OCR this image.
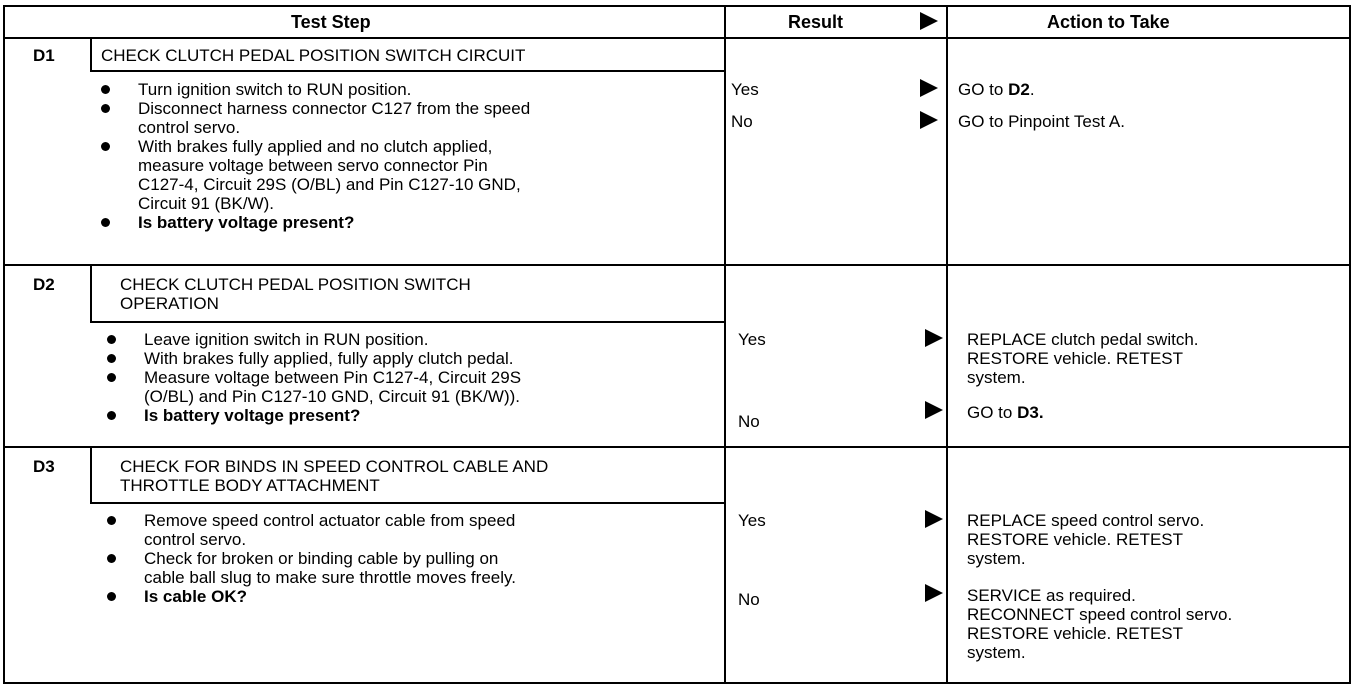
Test Step	Result	Action to Take
D1	CHECK CLUTCH PEDAL POSITION SWITCH CIRCUIT
Turn ignition switch to RUN position.
Disconnect harness connector C127 from the speed
control servo.
With brakes fully applied and no clutch applied,
measure voltage between servo connector Pin
C127-4, Circuit 29S (O/BL) and Pin C127-10 GND,
Circuit 91 (BK/W).
Is battery voltage present?
Yes	GO to D2.
No	GO to Pinpoint Test A.
D2	CHECK CLUTCH PEDAL POSITION SWITCH
OPERATION
Leave ignition switch in RUN position.
With brakes fully applied, fully apply clutch pedal.
Measure voltage between Pin C127-4, Circuit 29S
(O/BL) and Pin C127-10 GND, Circuit 91 (BK/W)).
Is battery voltage present?
Yes	REPLACE clutch pedal switch.
RESTORE vehicle. RETEST
system.
No	GO to D3.
D3	CHECK FOR BINDS IN SPEED CONTROL CABLE AND
THROTTLE BODY ATTACHMENT
Remove speed control actuator cable from speed
control servo.
Check for broken or binding cable by pulling on
cable ball slug to make sure throttle moves freely.
Is cable OK?
Yes	REPLACE speed control servo.
RESTORE vehicle. RETEST
system.
No	SERVICE as required.
RECONNECT speed control servo.
RESTORE vehicle. RETEST
system.
